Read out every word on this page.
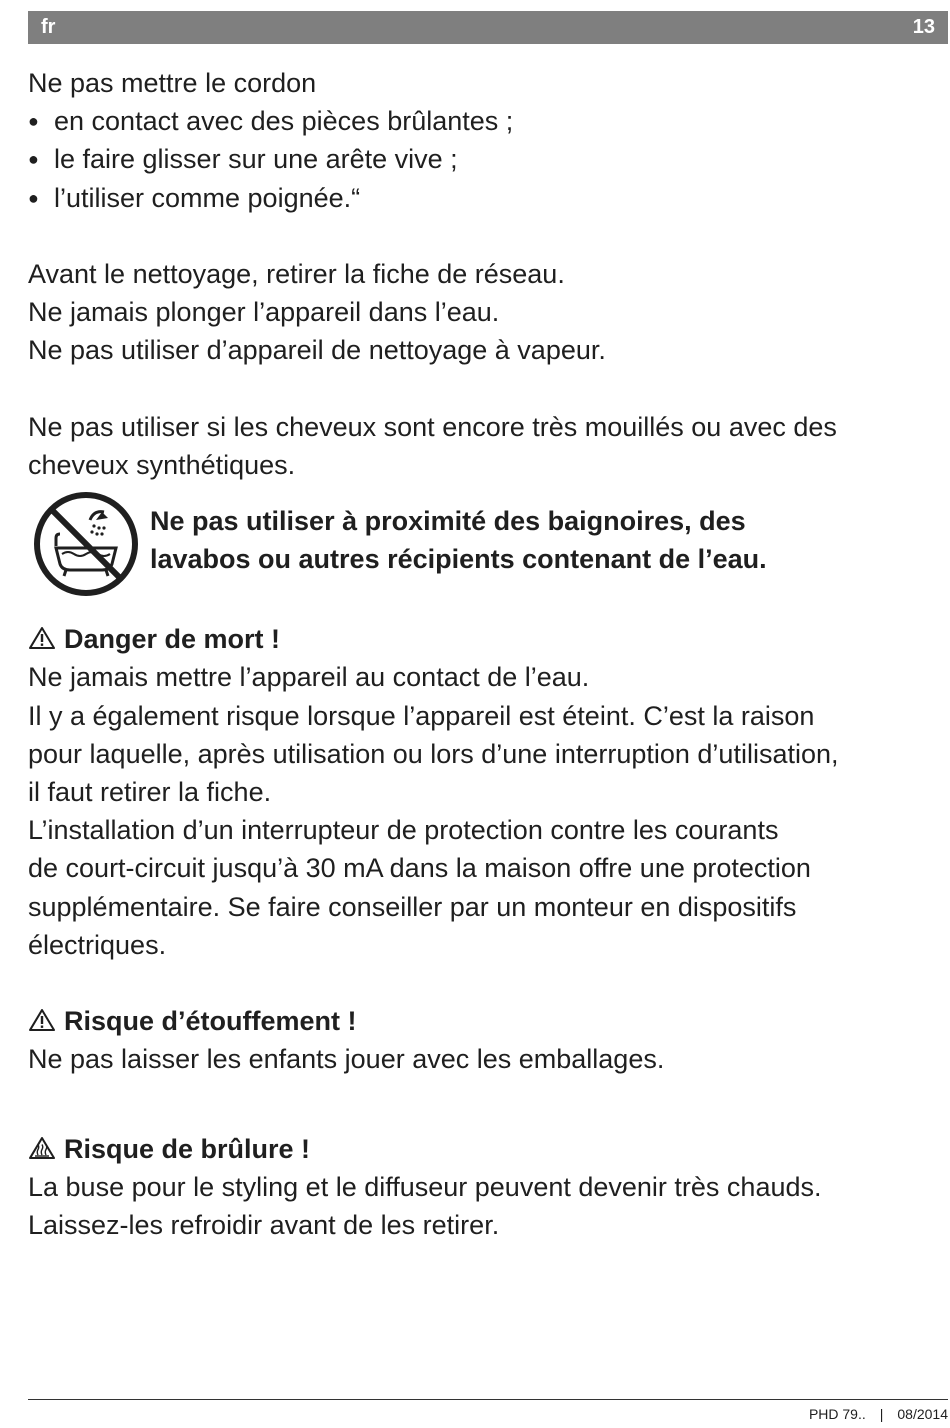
fr	13
Ne pas mettre le cordon
● en contact avec des pièces brûlantes ;
● le faire glisser sur une arête vive ;
● l’utiliser comme poignée.“
Avant le nettoyage, retirer la fiche de réseau.
Ne jamais plonger l’appareil dans l’eau.
Ne pas utiliser d’appareil de nettoyage à vapeur.
Ne pas utiliser si les cheveux sont encore très mouillés ou avec des
cheveux synthétiques.
Ne pas utiliser à proximité des baignoires, des
lavabos ou autres récipients contenant de l’eau.
Danger de mort !
Ne jamais mettre l’appareil au contact de l’eau.
Il y a également risque lorsque l’appareil est éteint. C’est la raison
pour laquelle, après utilisation ou lors d’une interruption d’utilisation,
il faut retirer la fiche.
L’installation d’un interrupteur de protection contre les courants
de court-circuit jusqu’à 30 mA dans la maison offre une protection
supplémentaire. Se faire conseiller par un monteur en dispositifs
électriques.
Risque d’étouffement !
Ne pas laisser les enfants jouer avec les emballages.
Risque de brûlure !
La buse pour le styling et le diffuseur peuvent devenir très chauds.
Laissez-les refroidir avant de les retirer.
PHD 79.. | 08/2014
